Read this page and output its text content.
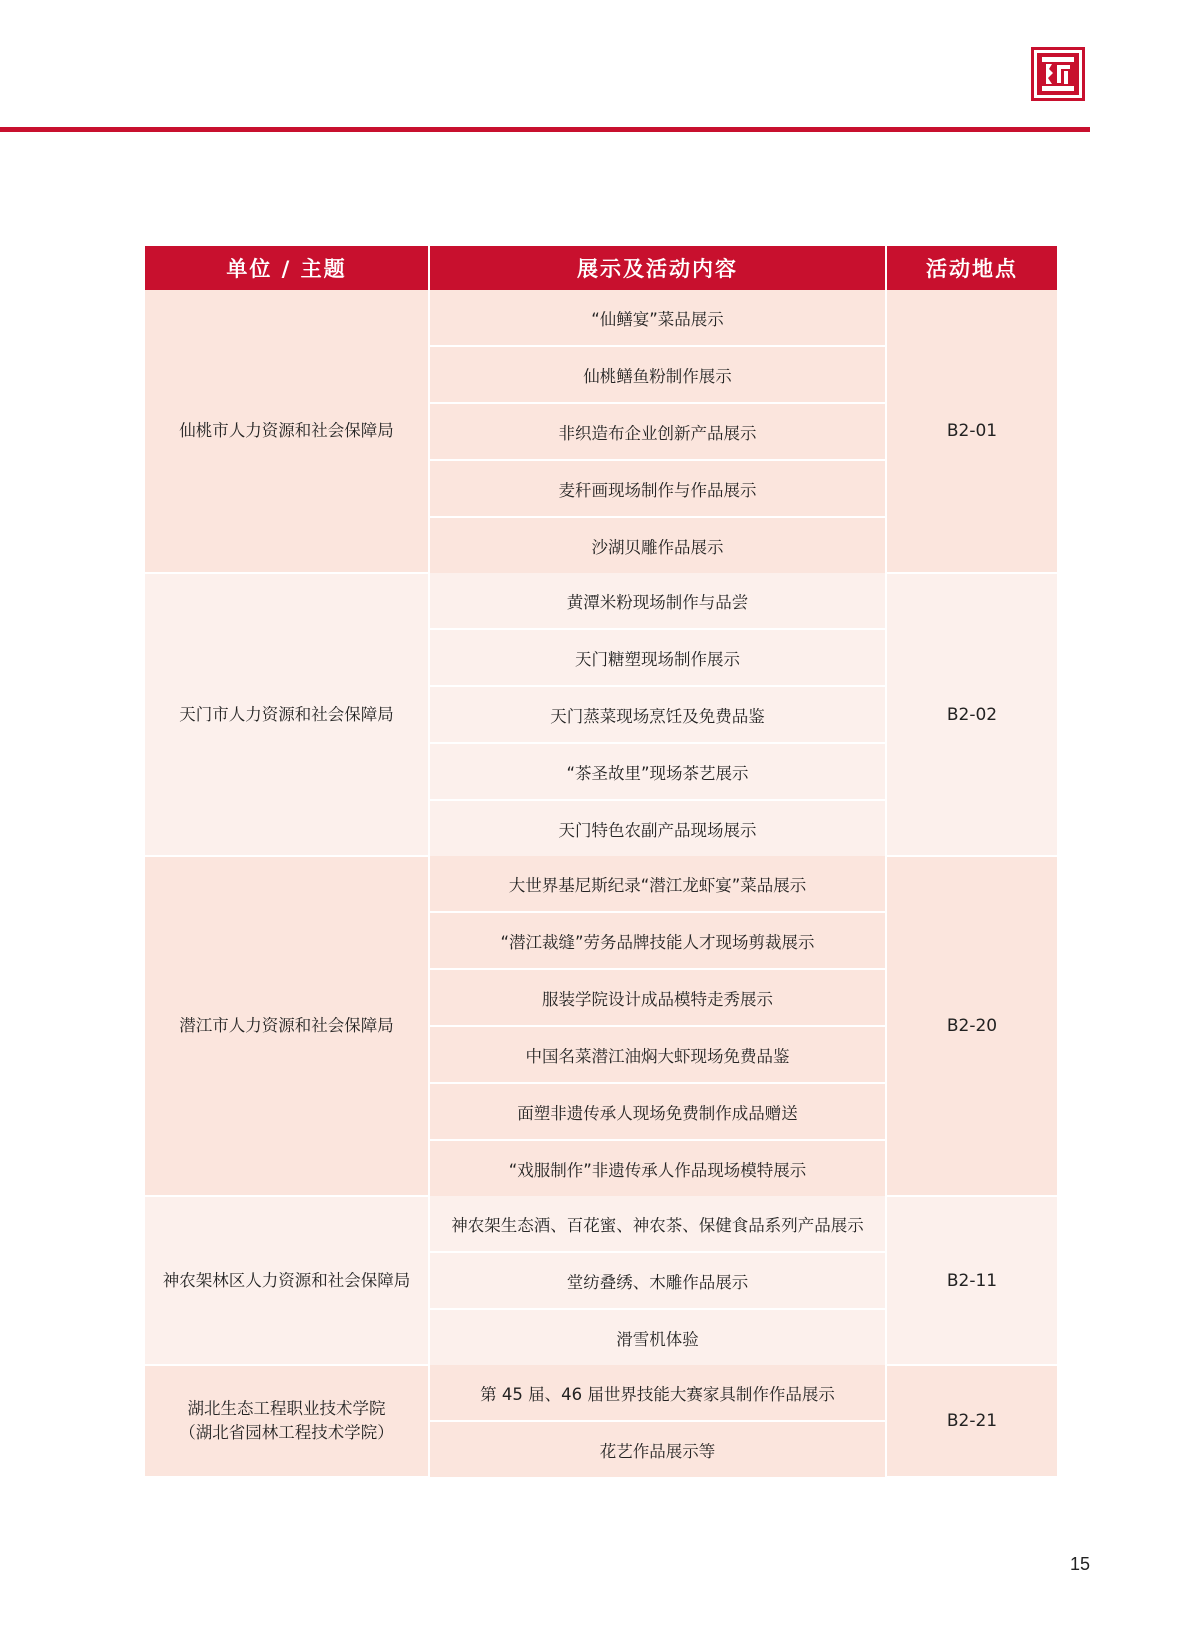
单位 / 主题	展示及活动内容	活动地点
仙桃市人力资源和社会保障局	“仙鳝宴”菜品展示	B2-01
	仙桃鳝鱼粉制作展示	
	非织造布企业创新产品展示	
	麦秆画现场制作与作品展示	
	沙湖贝雕作品展示	
天门市人力资源和社会保障局	黄潭米粉现场制作与品尝	B2-02
	天门糖塑现场制作展示	
	天门蒸菜现场烹饪及免费品鉴	
	“茶圣故里”现场茶艺展示	
	天门特色农副产品现场展示	
潜江市人力资源和社会保障局	大世界基尼斯纪录“潜江龙虾宴”菜品展示	B2-20
	“潜江裁缝”劳务品牌技能人才现场剪裁展示	
	服装学院设计成品模特走秀展示	
	中国名菜潜江油焖大虾现场免费品鉴	
	面塑非遗传承人现场免费制作成品赠送	
	“戏服制作”非遗传承人作品现场模特展示	
神农架林区人力资源和社会保障局	神农架生态酒、百花蜜、神农茶、保健食品系列产品展示	B2-11
	堂纺叠绣、木雕作品展示	
	滑雪机体验	

湖北生态工程职业技术学院
（湖北省园林工程技术学院）	第 45 届、46 届世界技能大赛家具制作作品展示	B2-21
	花艺作品展示等	
15
